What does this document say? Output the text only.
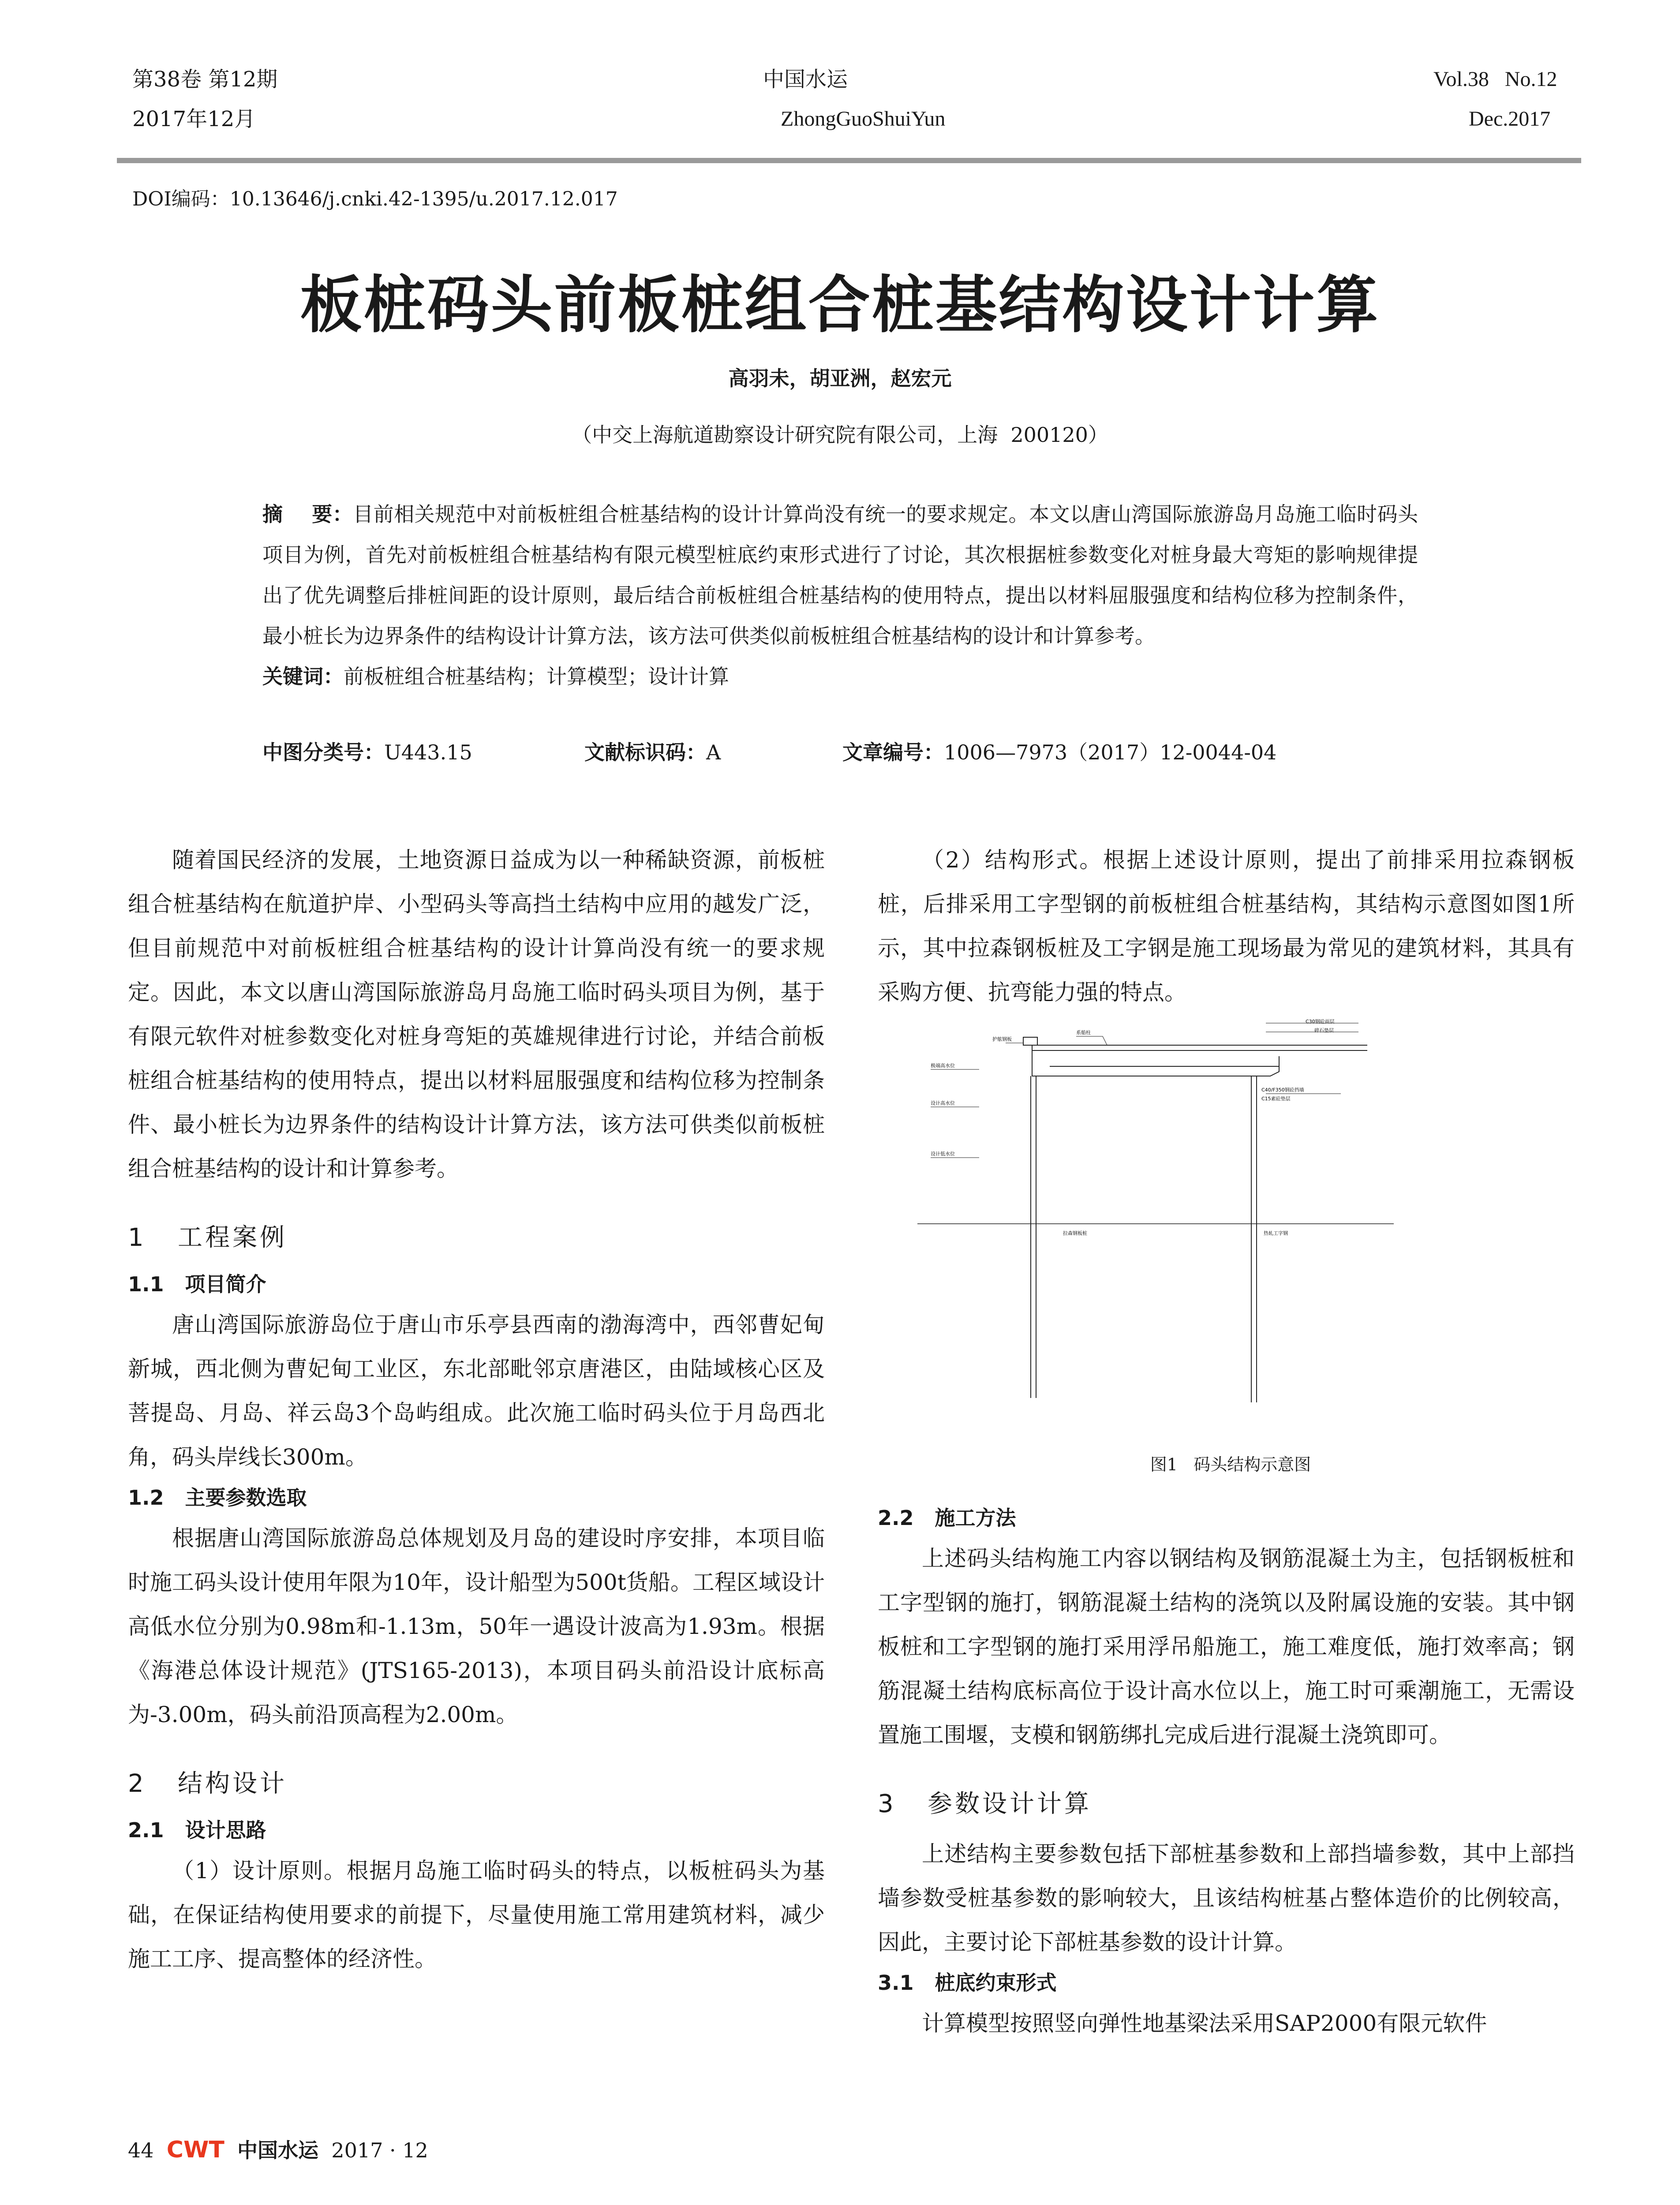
第38卷 第12期
2017年12月
中国水运
ZhongGuoShuiYun
Vol.38   No.12
Dec.2017
DOI编码：10.13646/j.cnki.42-1395/u.2017.12.017
板桩码头前板桩组合桩基结构设计计算
高羽未，胡亚洲，赵宏元
（中交上海航道勘察设计研究院有限公司，上海  200120）
摘    要：目前相关规范中对前板桩组合桩基结构的设计计算尚没有统一的要求规定。本文以唐山湾国际旅游岛月岛施工临时码头项目为例，首先对前板桩组合桩基结构有限元模型桩底约束形式进行了讨论，其次根据桩参数变化对桩身最大弯矩的影响规律提出了优先调整后排桩间距的设计原则，最后结合前板桩组合桩基结构的使用特点，提出以材料屈服强度和结构位移为控制条件，最小桩长为边界条件的结构设计计算方法，该方法可供类似前板桩组合桩基结构的设计和计算参考。
关键词：前板桩组合桩基结构；计算模型；设计计算
中图分类号：U443.15	文献标识码：A	文章编号：1006—7973（2017）12-0044-04

随着国民经济的发展，土地资源日益成为以一种稀缺资源，前板桩组合桩基结构在航道护岸、小型码头等高挡土结构中应用的越发广泛，但目前规范中对前板桩组合桩基结构的设计计算尚没有统一的要求规定。因此，本文以唐山湾国际旅游岛月岛施工临时码头项目为例，基于有限元软件对桩参数变化对桩身弯矩的英雄规律进行讨论，并结合前板桩组合桩基结构的使用特点，提出以材料屈服强度和结构位移为控制条件、最小桩长为边界条件的结构设计计算方法，该方法可供类似前板桩组合桩基结构的设计和计算参考。

1   工程案例
1.1   项目简介

唐山湾国际旅游岛位于唐山市乐亭县西南的渤海湾中，西邻曹妃甸新城，西北侧为曹妃甸工业区，东北部毗邻京唐港区，由陆域核心区及菩提岛、月岛、祥云岛3个岛屿组成。此次施工临时码头位于月岛西北角，码头岸线长300m。

1.2   主要参数选取

根据唐山湾国际旅游岛总体规划及月岛的建设时序安排，本项目临时施工码头设计使用年限为10年，设计船型为500t货船。工程区域设计高低水位分别为0.98m和-1.13m，50年一遇设计波高为1.93m。根据《海港总体设计规范》(JTS165-2013)，本项目码头前沿设计底标高为-3.00m，码头前沿顶高程为2.00m。

2   结构设计
2.1   设计思路

（1）设计原则。根据月岛施工临时码头的特点，以板桩码头为基础，在保证结构使用要求的前提下，尽量使用施工常用建筑材料，减少施工工序、提高整体的经济性。

（2）结构形式。根据上述设计原则，提出了前排采用拉森钢板桩，后排采用工字型钢的前板桩组合桩基结构，其结构示意图如图1所示，其中拉森钢板桩及工字钢是施工现场最为常见的建筑材料，其具有采购方便、抗弯能力强的特点。

C30钢砼面层
碎石垫层
护舷钢板
系船柱
极端高水位
设计高水位
设计低水位
C40/F350钢砼挡墙
C15素砼垫层
拉森钢板桩	热轧工字钢
图1   码头结构示意图
2.2   施工方法

上述码头结构施工内容以钢结构及钢筋混凝土为主，包括钢板桩和工字型钢的施打，钢筋混凝土结构的浇筑以及附属设施的安装。其中钢板桩和工字型钢的施打采用浮吊船施工，施工难度低，施打效率高；钢筋混凝土结构底标高位于设计高水位以上，施工时可乘潮施工，无需设置施工围堰，支模和钢筋绑扎完成后进行混凝土浇筑即可。

3   参数设计计算

上述结构主要参数包括下部桩基参数和上部挡墙参数，其中上部挡墙参数受桩基参数的影响较大，且该结构桩基占整体造价的比例较高，因此，主要讨论下部桩基参数的设计计算。

3.1   桩底约束形式

计算模型按照竖向弹性地基梁法采用SAP2000有限元软件

44 CWT 中国水运 2017 · 12
